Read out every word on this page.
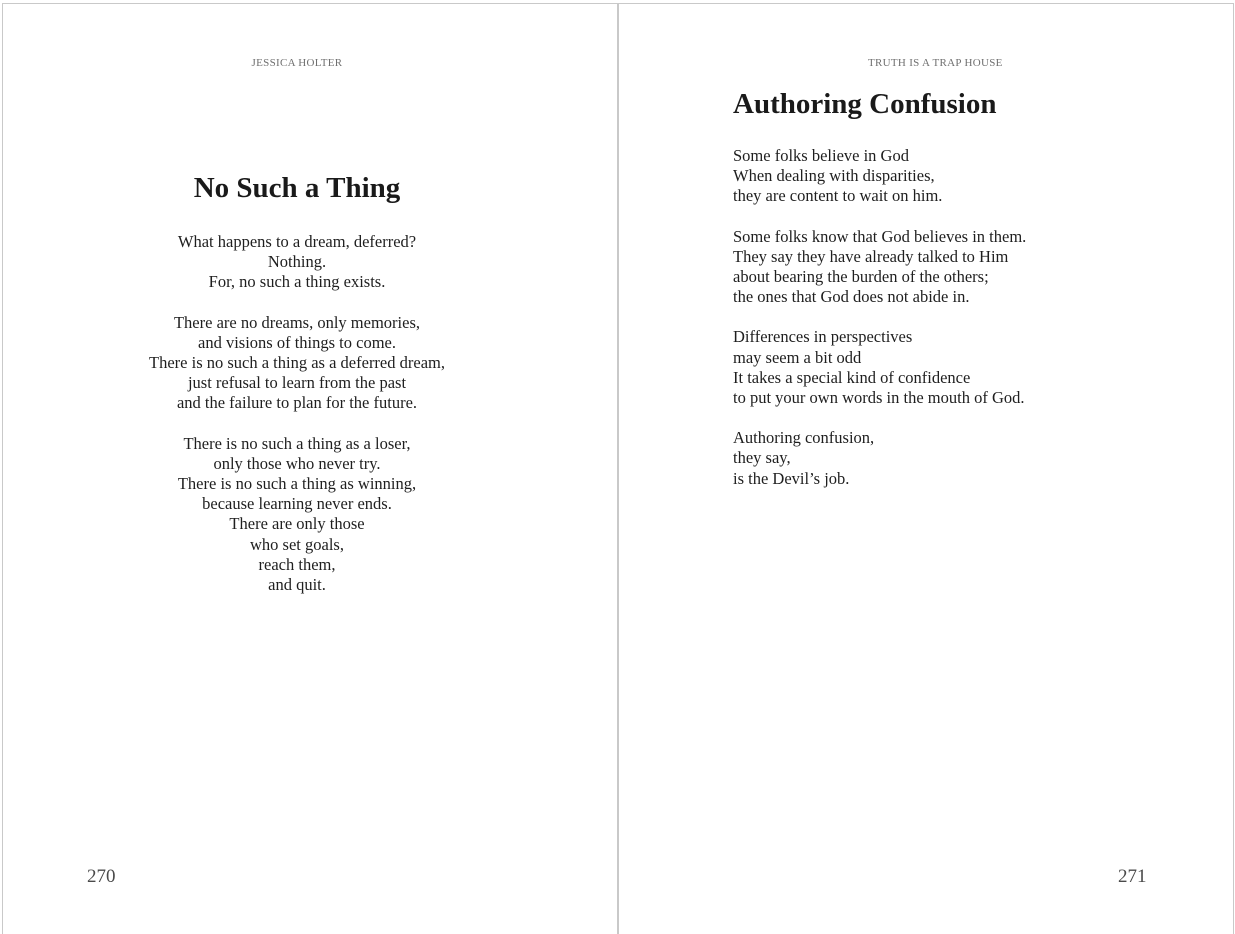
JESSICA HOLTER
No Such a Thing
What happens to a dream, deferred?
Nothing.
For, no such a thing exists.
There are no dreams, only memories,
and visions of things to come.
There is no such a thing as a deferred dream,
just refusal to learn from the past
and the failure to plan for the future.
There is no such a thing as a loser,
only those who never try.
There is no such a thing as winning,
because learning never ends.
There are only those
who set goals,
reach them,
and quit.
270
TRUTH IS A TRAP HOUSE
Authoring Confusion
Some folks believe in God
When dealing with disparities,
they are content to wait on him.
Some folks know that God believes in them.
They say they have already talked to Him
about bearing the burden of the others;
the ones that God does not abide in.
Differences in perspectives
may seem a bit odd
It takes a special kind of confidence
to put your own words in the mouth of God.
Authoring confusion,
they say,
is the Devil’s job.
271
